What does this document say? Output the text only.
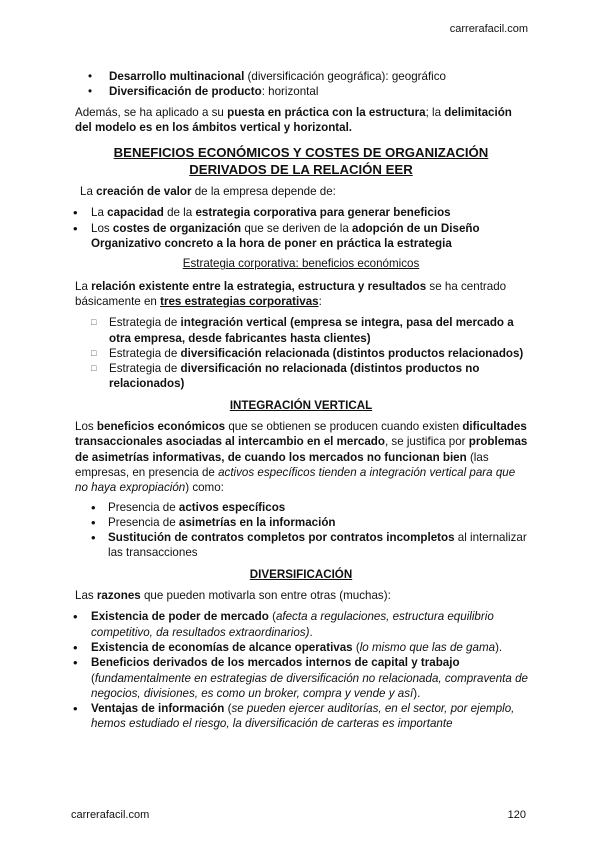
carrerafacil.com
• Desarrollo multinacional (diversificación geográfica): geográfico
• Diversificación de producto: horizontal

Además, se ha aplicado a su puesta en práctica con la estructura; la delimitación del modelo es en los ámbitos vertical y horizontal.

BENEFICIOS ECONÓMICOS Y COSTES DE ORGANIZACIÓN
DERIVADOS DE LA RELACIÓN EER

La creación de valor de la empresa depende de:

• La capacidad de la estrategia corporativa para generar beneficios
• Los costes de organización que se deriven de la adopción de un Diseño Organizativo concreto a la hora de poner en práctica la estrategia
Estrategia corporativa: beneficios económicos

La relación existente entre la estrategia, estructura y resultados se ha centrado básicamente en tres estrategias corporativas:

□ Estrategia de integración vertical (empresa se integra, pasa del mercado a otra empresa, desde fabricantes hasta clientes)
□ Estrategia de diversificación relacionada (distintos productos relacionados)
□ Estrategia de diversificación no relacionada (distintos productos no relacionados)
INTEGRACIÓN VERTICAL

Los beneficios económicos que se obtienen se producen cuando existen dificultades transaccionales asociadas al intercambio en el mercado, se justifica por problemas de asimetrías informativas, de cuando los mercados no funcionan bien (las empresas, en presencia de activos específicos tienden a integración vertical para que no haya expropiación) como:

• Presencia de activos específicos
• Presencia de asimetrías en la información
• Sustitución de contratos completos por contratos incompletos al internalizar las transacciones
DIVERSIFICACIÓN

Las razones que pueden motivarla son entre otras (muchas):

• Existencia de poder de mercado (afecta a regulaciones, estructura equilibrio competitivo, da resultados extraordinarios).
• Existencia de economías de alcance operativas (lo mismo que las de gama).
• Beneficios derivados de los mercados internos de capital y trabajo (fundamentalmente en estrategias de diversificación no relacionada, compraventa de negocios, divisiones, es como un broker, compra y vende y así).
• Ventajas de información (se pueden ejercer auditorías, en el sector, por ejemplo, hemos estudiado el riesgo, la diversificación de carteras es importante
carrerafacil.com	120
